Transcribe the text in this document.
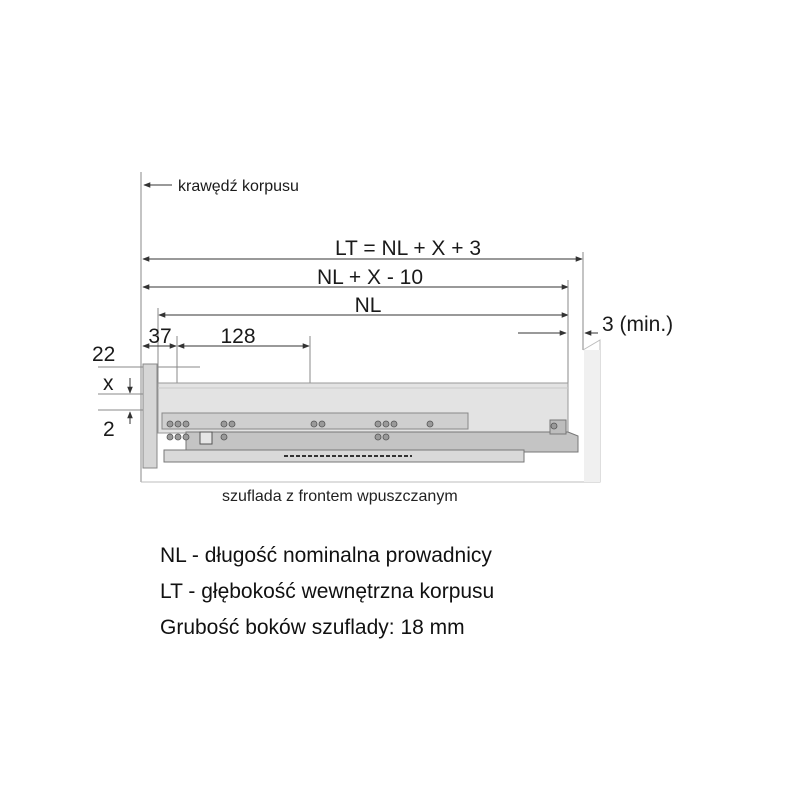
krawędź korpusu
LT = NL + X + 3
NL + X - 10
NL
3 (min.)
37 128
22
x
2
szuflada z frontem wpuszczanym
NL - długość nominalna prowadnicy
LT - głębokość wewnętrzna korpusu
Grubość boków szuflady: 18 mm
